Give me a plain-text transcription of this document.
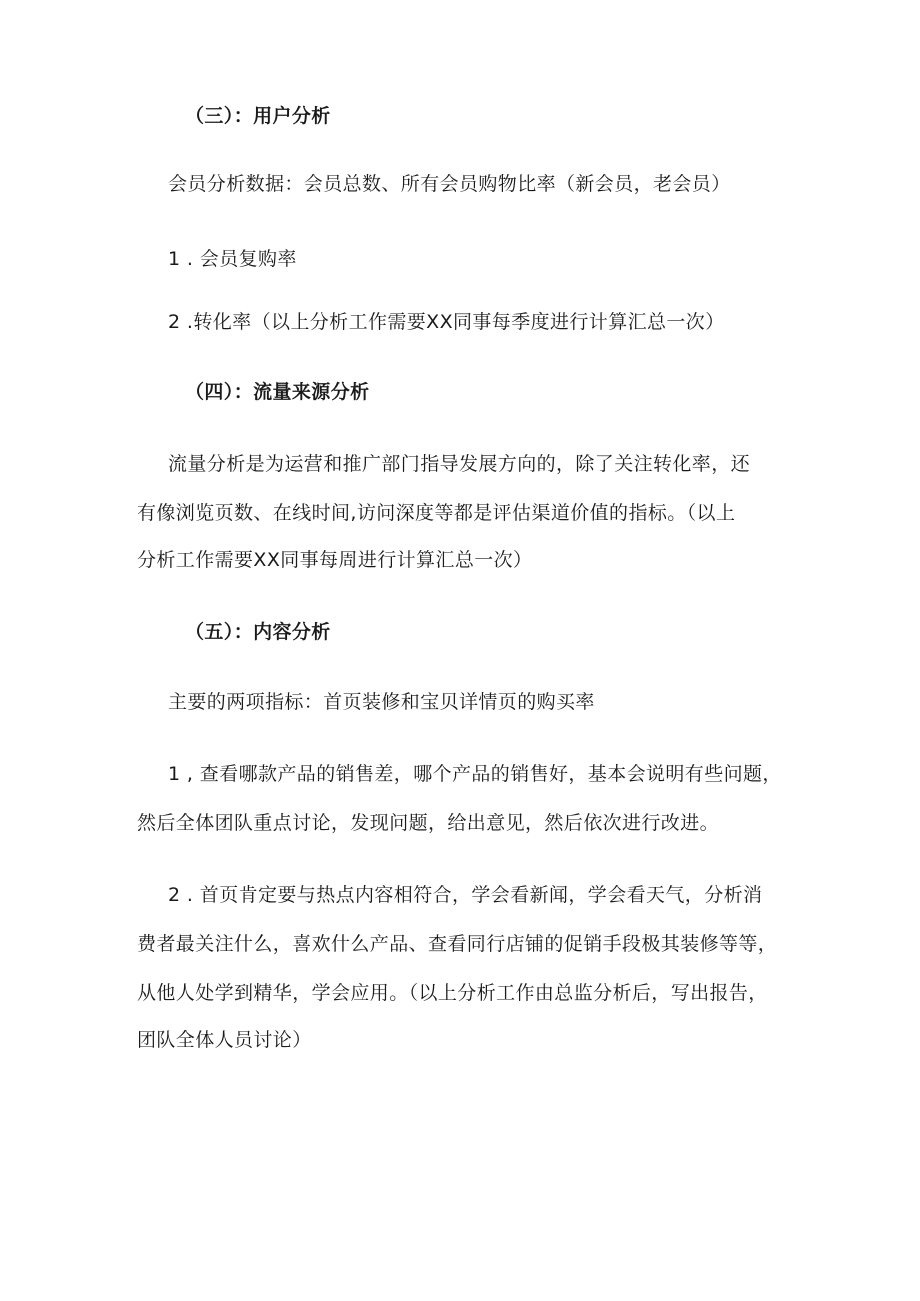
（三）：用户分析
会员分析数据：会员总数、所有会员购物比率（新会员，老会员）
1 . 会员复购率
2 .转化率（以上分析工作需要XX同事每季度进行计算汇总一次）
（四）：流量来源分析
流量分析是为运营和推广部门指导发展方向的，除了关注转化率，还
有像浏览页数、在线时间,访问深度等都是评估渠道价值的指标。（以上
分析工作需要XX同事每周进行计算汇总一次）
（五）：内容分析
主要的两项指标：首页装修和宝贝详情页的购买率
1 , 查看哪款产品的销售差，哪个产品的销售好，基本会说明有些问题，
然后全体团队重点讨论，发现问题，给出意见，然后依次进行改进。
2 . 首页肯定要与热点内容相符合，学会看新闻，学会看天气，分析消
费者最关注什么，喜欢什么产品、查看同行店铺的促销手段极其装修等等，
从他人处学到精华，学会应用。（以上分析工作由总监分析后，写出报告，
团队全体人员讨论）
